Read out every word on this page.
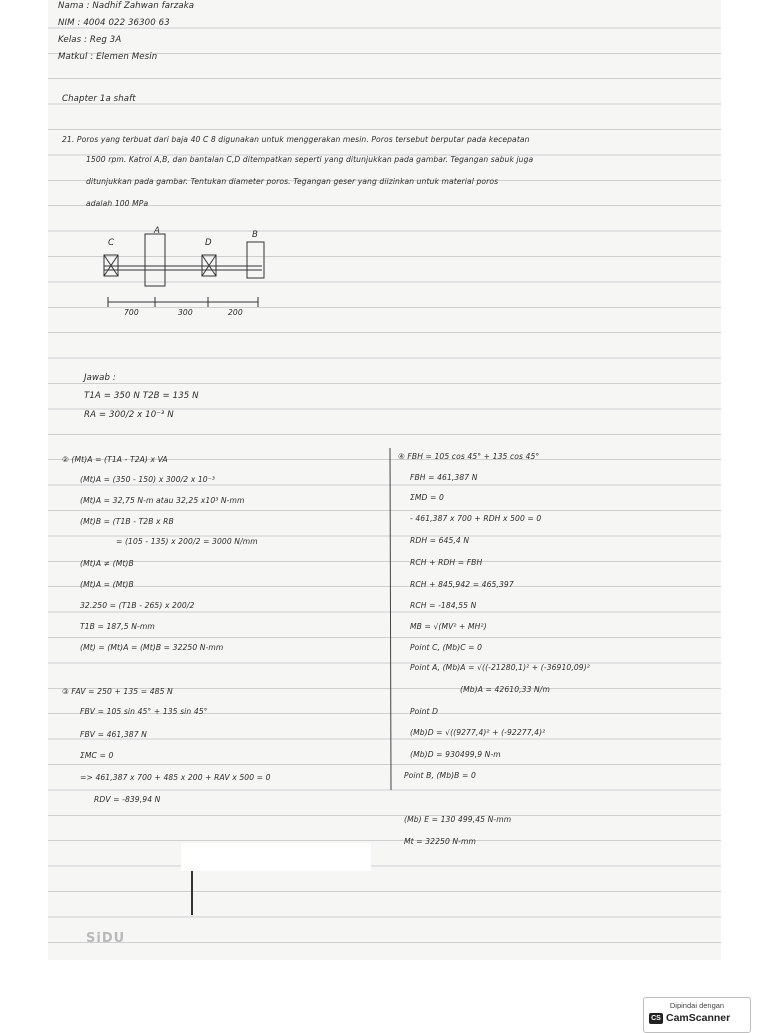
Nama : Nadhif Zahwan farzaka
NIM : 4004 022 36300 63
Kelas : Reg 3A
Matkul : Elemen Mesin
Chapter 1a shaft
21. Poros yang terbuat dari baja 40 C 8 digunakan untuk menggerakan mesin. Poros tersebut berputar pada kecepatan
1500 rpm. Katrol A,B, dan bantalan C,D ditempatkan seperti yang ditunjukkan pada gambar. Tegangan sabuk juga
ditunjukkan pada gambar. Tentukan diameter poros. Tegangan geser yang diizinkan untuk material poros
adalah 100 MPa
C
A
D
B
700	300	200
Jawab :
T1A = 350 N T2B = 135 N
RA = 300/2 x 10⁻³ N
② (Mt)A = (T1A - T2A) x VA
(Mt)A = (350 - 150) x 300/2 x 10⁻³
(Mt)A = 32,75 N-m atau 32,25 x10³ N-mm
(Mt)B = (T1B - T2B x RB
= (105 - 135) x 200/2 = 3000 N/mm
(Mt)A ≠ (Mt)B
(Mt)A = (Mt)B
32.250 = (T1B - 265) x 200/2
T1B = 187,5 N-mm
(Mt) = (Mt)A = (Mt)B = 32250 N-mm
③ FAV = 250 + 135 = 485 N
FBV = 105 sin 45° + 135 sin 45°
FBV = 461,387 N
ΣMC = 0
=> 461,387 x 700 + 485 x 200 + RAV x 500 = 0
RDV = -839,94 N
④ FBH = 105 cos 45° + 135 cos 45°
FBH = 461,387 N
ΣMD = 0
- 461,387 x 700 + RDH x 500 = 0
RDH = 645,4 N
RCH + RDH = FBH
RCH + 845,942 = 465,397
RCH = -184,55 N
MB = √(MV² + MH²)
Point C, (Mb)C = 0
Point A, (Mb)A = √((-21280,1)² + (-36910,09)²
(Mb)A = 42610,33 N/m
Point D
(Mb)D = √((9277,4)² + (-92277,4)²
(Mb)D = 930499,9 N-m
Point B, (Mb)B = 0
(Mb) E = 130 499,45 N-mm
Mt = 32250 N-mm
SiDU
Dipindai dengan
CS CamScanner
